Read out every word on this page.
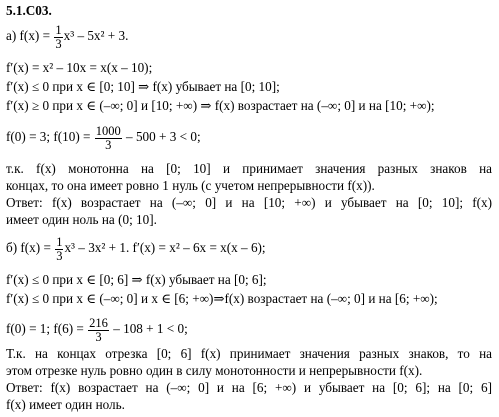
5.1.C03.
а) $f(x) = \frac{1}{3} x^3 - 5x^2 + 3$.
f′(x) = x² – 10x = x(x – 10);
f′(x) ≤ 0 при x ∈ [0; 10] ⇒ f(x) убывает на [0; 10];
f′(x) ≥ 0 при x ∈ (–∞; 0] и [10; +∞) ⇒ f(x) возрастает на (–∞; 0] и на [10; +∞);
f(0) = 3; $f(10) = \frac{1000}{3} - 500 + 3 < 0$;
т.к. f(x) монотонна на [0; 10] и принимает значения разных знаков на
концах, то она имеет ровно 1 нуль (с учетом непрерывности f(x)).
Ответ: f(x) возрастает на (–∞; 0] и на [10; +∞) и убывает на [0; 10]; f(x)
имеет один ноль на (0; 10].
б) $f(x) = \frac{1}{3} x^3 - 3x^2 + 1$. f′(x) = x² – 6x = x(x – 6);
f′(x) ≤ 0 при x ∈ [0; 6] ⇒ f(x) убывает на [0; 6];
f′(x) ≤ 0 при x ∈ (–∞; 0] и x ∈ [6; +∞)⇒f(x) возрастает на (–∞; 0] и на [6; +∞);
f(0) = 1; $f(6) = \frac{216}{3} - 108 + 1 < 0$;
Т.к. на концах отрезка [0; 6] f(x) принимает значения разных знаков, то на
этом отрезке нуль ровно один в силу монотонности и непрерывности f(x).
Ответ: f(x) возрастает на (–∞; 0] и на [6; +∞) и убывает на [0; 6]; на [0; 6]
f(x) имеет один ноль.
